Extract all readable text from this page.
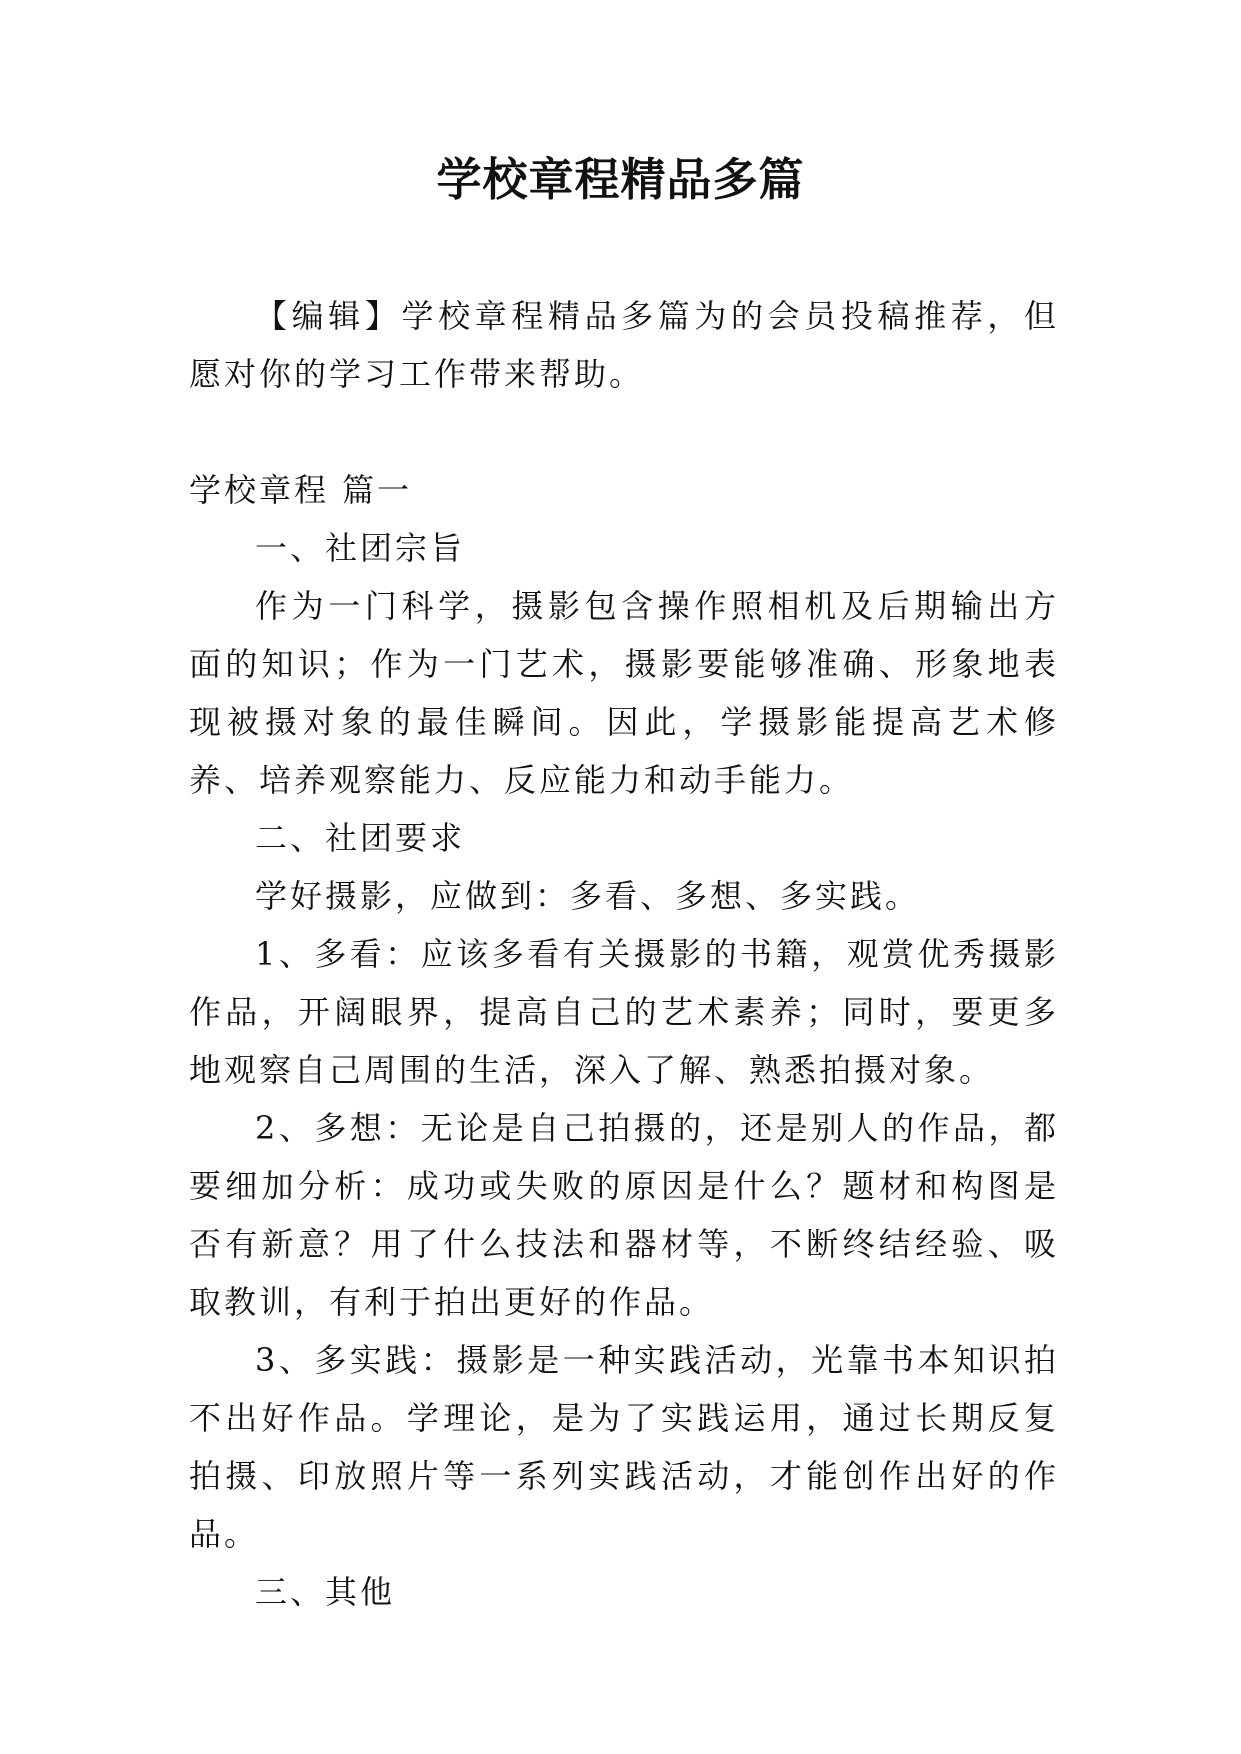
学校章程精品多篇

【编辑】学校章程精品多篇为的会员投稿推荐，但愿对你的学习工作带来帮助。

学校章程 篇一

一、社团宗旨

作为一门科学，摄影包含操作照相机及后期输出方面的知识；作为一门艺术，摄影要能够准确、形象地表现被摄对象的最佳瞬间。因此，学摄影能提高艺术修养、培养观察能力、反应能力和动手能力。

二、社团要求

学好摄影，应做到：多看、多想、多实践。

1、多看：应该多看有关摄影的书籍，观赏优秀摄影作品，开阔眼界，提高自己的艺术素养；同时，要更多地观察自己周围的生活，深入了解、熟悉拍摄对象。

2、多想：无论是自己拍摄的，还是别人的作品，都要细加分析：成功或失败的原因是什么？题材和构图是否有新意？用了什么技法和器材等，不断终结经验、吸取教训，有利于拍出更好的作品。

3、多实践：摄影是一种实践活动，光靠书本知识拍不出好作品。学理论，是为了实践运用，通过长期反复拍摄、印放照片等一系列实践活动，才能创作出好的作品。

三、其他
